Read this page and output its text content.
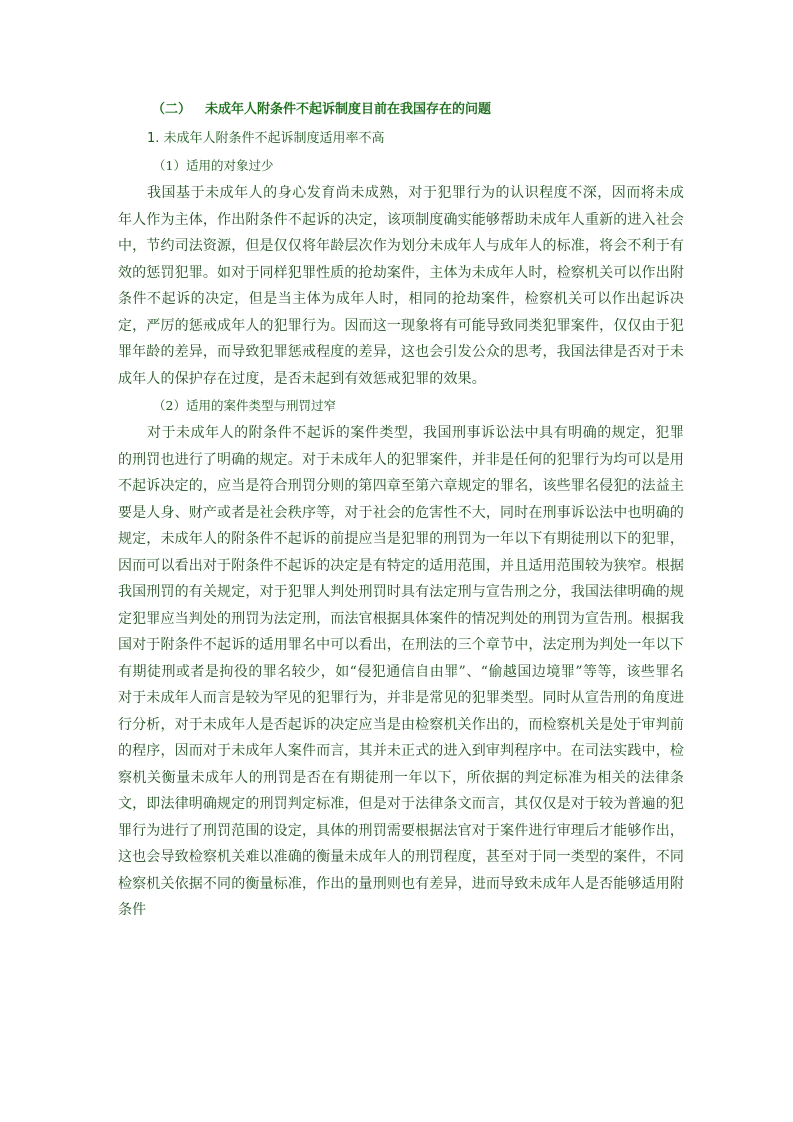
（二） 未成年人附条件不起诉制度目前在我国存在的问题
1. 未成年人附条件不起诉制度适用率不高
（1）适用的对象过少

我国基于未成年人的身心发育尚未成熟，对于犯罪行为的认识程度不深，因而将未成年人作为主体，作出附条件不起诉的决定，该项制度确实能够帮助未成年人重新的进入社会中，节约司法资源，但是仅仅将年龄层次作为划分未成年人与成年人的标准，将会不利于有效的惩罚犯罪。如对于同样犯罪性质的抢劫案件，主体为未成年人时，检察机关可以作出附条件不起诉的决定，但是当主体为成年人时，相同的抢劫案件，检察机关可以作出起诉决定，严厉的惩戒成年人的犯罪行为。因而这一现象将有可能导致同类犯罪案件，仅仅由于犯罪年龄的差异，而导致犯罪惩戒程度的差异，这也会引发公众的思考，我国法律是否对于未成年人的保护存在过度，是否未起到有效惩戒犯罪的效果。

（2）适用的案件类型与刑罚过窄

对于未成年人的附条件不起诉的案件类型，我国刑事诉讼法中具有明确的规定，犯罪的刑罚也进行了明确的规定。对于未成年人的犯罪案件，并非是任何的犯罪行为均可以是用不起诉决定的，应当是符合刑罚分则的第四章至第六章规定的罪名，该些罪名侵犯的法益主要是人身、财产或者是社会秩序等，对于社会的危害性不大，同时在刑事诉讼法中也明确的规定，未成年人的附条件不起诉的前提应当是犯罪的刑罚为一年以下有期徒刑以下的犯罪，因而可以看出对于附条件不起诉的决定是有特定的适用范围，并且适用范围较为狭窄。根据我国刑罚的有关规定，对于犯罪人判处刑罚时具有法定刑与宣告刑之分，我国法律明确的规定犯罪应当判处的刑罚为法定刑，而法官根据具体案件的情况判处的刑罚为宣告刑。根据我国对于附条件不起诉的适用罪名中可以看出，在刑法的三个章节中，法定刑为判处一年以下有期徒刑或者是拘役的罪名较少，如“侵犯通信自由罪”、“偷越国边境罪”等等，该些罪名对于未成年人而言是较为罕见的犯罪行为，并非是常见的犯罪类型。同时从宣告刑的角度进行分析，对于未成年人是否起诉的决定应当是由检察机关作出的，而检察机关是处于审判前的程序，因而对于未成年人案件而言，其并未正式的进入到审判程序中。在司法实践中，检察机关衡量未成年人的刑罚是否在有期徒刑一年以下，所依据的判定标准为相关的法律条文，即法律明确规定的刑罚判定标准，但是对于法律条文而言，其仅仅是对于较为普遍的犯罪行为进行了刑罚范围的设定，具体的刑罚需要根据法官对于案件进行审理后才能够作出，这也会导致检察机关难以准确的衡量未成年人的刑罚程度，甚至对于同一类型的案件，不同检察机关依据不同的衡量标准，作出的量刑则也有差异，进而导致未成年人是否能够适用附条件
